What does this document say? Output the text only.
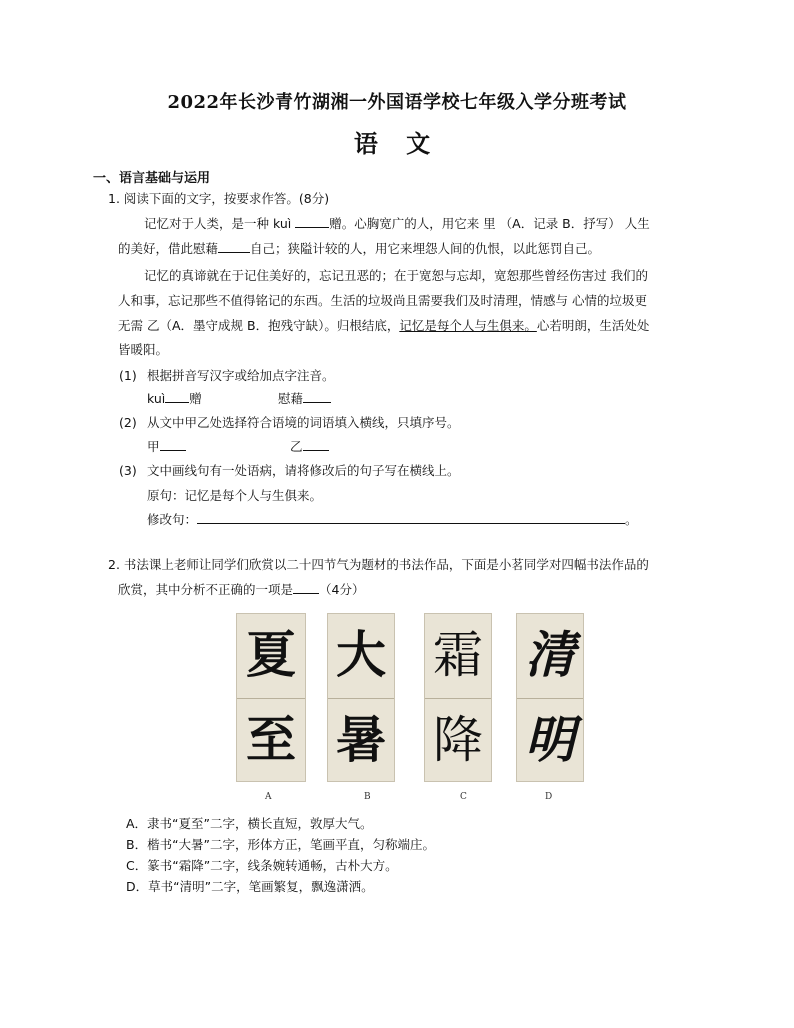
2022年长沙青竹湖湘一外国语学校七年级入学分班考试
语 文
一、语言基础与运用
1. 阅读下面的文字，按要求作答。(8分)
记忆对于人类，是一种 kuì	赠。心胸宽广的人，用它来 里 （A．记录 B．抒写） 人生
的美好，借此慰藉	自己；狭隘计较的人，用它来埋怨人间的仇恨，以此惩罚自己。
记忆的真谛就在于记住美好的，忘记丑恶的；在于宽恕与忘却，宽恕那些曾经伤害过 我们的
人和事，忘记那些不值得铭记的东西。生活的垃圾尚且需要我们及时清理，情感与 心情的垃圾更
无需 乙（A．墨守成规 B．抱残守缺）。归根结底，记忆是每个人与生俱来。心若明朗，生活处处
皆暖阳。
(1) 根据拼音写汉字或给加点字注音。
kuì 赠	慰藉
(2) 从文中甲乙处选择符合语境的词语填入横线，只填序号。
甲	乙
(3) 文中画线句有一处语病，请将修改后的句子写在横线上。
原句：记忆是每个人与生俱来。
修改句：	。
2. 书法课上老师让同学们欣赏以二十四节气为题材的书法作品，下面是小茗同学对四幅书法作品的
欣赏，其中分析不正确的一项是 （4分）
夏
至
大
暑
霜
降
清
明
A	B	C	D
A．隶书“夏至”二字，横长直短，敦厚大气。
B．楷书“大暑”二字，形体方正，笔画平直，匀称端庄。
C．篆书“霜降”二字，线条婉转通畅，古朴大方。
D．草书“清明”二字，笔画繁复，飘逸潇洒。
